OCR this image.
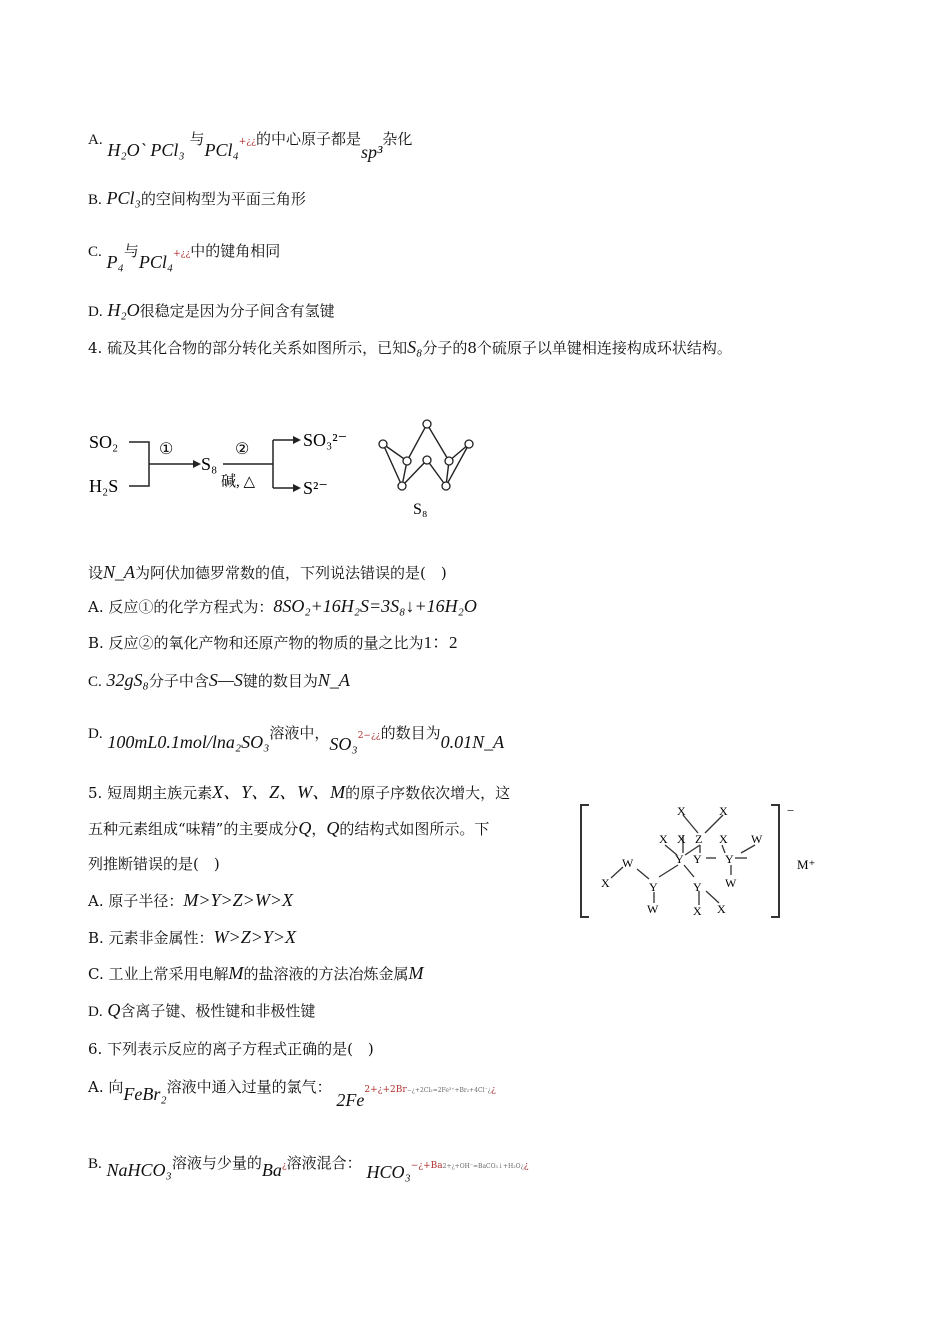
A. H₂O` PCl₃ 与PCl₄+¿¿的中心原子都是sp³杂化
B. PCl₃的空间构型为平面三角形
C. P₄与PCl₄+¿¿中的键角相同
D. H₂O很稳定是因为分子间含有氢键
4. 硫及其化合物的部分转化关系如图所示，已知S₈分子的8个硫原子以单键相连接构成环状结构。
SO₂
H₂S
①
S₈
②
碱, △
SO₃²⁻
S²⁻
S₈
设N_A为阿伏加德罗常数的值，下列说法错误的是(　)
A. 反应①的化学方程式为：8SO₂+16H₂S=3S₈↓+16H₂O
B. 反应②的氧化产物和还原产物的物质的量之比为1：2
C. 32gS₈分子中含S—S键的数目为N_A
D. 100mL0.1mol/lna₂SO₃溶液中，SO₃2−¿¿的数目为0.01N_A
5. 短周期主族元素X、Y、Z、W、M的原子序数依次增大，这
五种元素组成“味精”的主要成分Q，Q的结构式如图所示。下
列推断错误的是(　)
A. 原子半径：M>Y>Z>W>X
B. 元素非金属性：W>Z>Y>X
C. 工业上常采用电解M的盐溶液的方法冶炼金属M
D. Q含离子键、极性键和非极性键
−
M⁺
X	X
Z
X
X	X W
Y Y Y
W
W
X	Y	Y
W	X X
6. 下列表示反应的离子方程式正确的是(　)
A. 向FeBr₂溶液中通入过量的氯气： 2Fe2+¿+2Br−¿+2Cl₂=2Fe³⁺+Br₂+4Cl⁻¿¿
B. NaHCO₃溶液与少量的Ba¿溶液混合： HCO₃−¿+Ba2+¿+OH⁻=BaCO₃↓+H₂O¿¿
